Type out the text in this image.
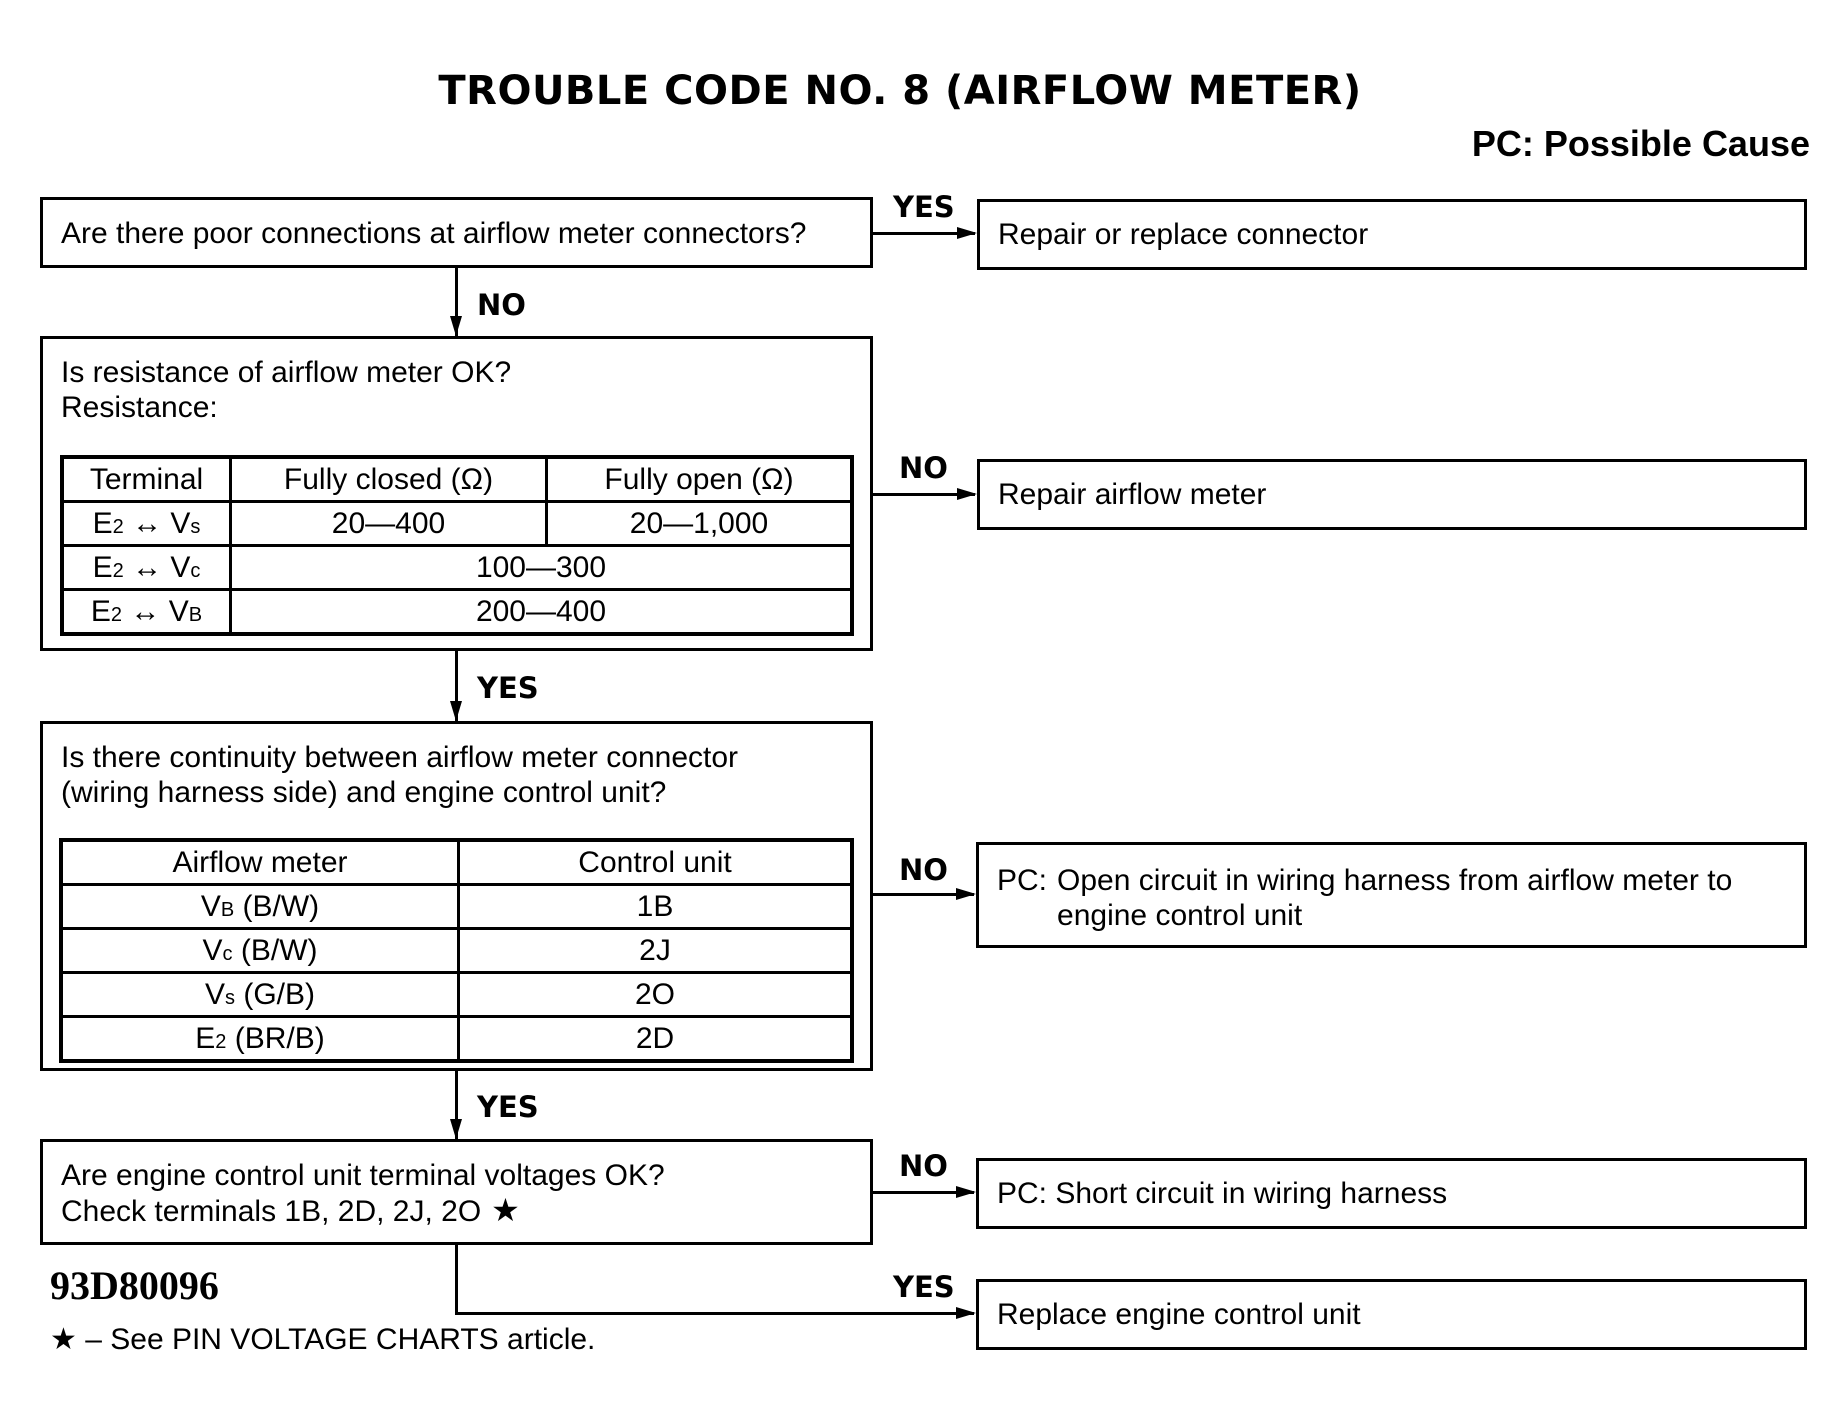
TROUBLE CODE NO. 8 (AIRFLOW METER)
PC: Possible Cause
Are there poor connections at airflow meter connectors?
YES
Repair or replace connector
NO
Is resistance of airflow meter OK?
Resistance:
Terminal	Fully closed (Ω)	Fully open (Ω)
E2 ↔ Vs	20—400	20—1,000
E2 ↔ Vc	100—300	
E2 ↔ VB	200—400	
NO
Repair airflow meter
YES
Is there continuity between airflow meter connector
(wiring harness side) and engine control unit?
Airflow meter	Control unit
VB (B/W)	1B
Vc (B/W)	2J
Vs (G/B)	2O
E2 (BR/B)	2D
NO PC: Open circuit in wiring harness from airflow meter to
engine control unit
YES
Are engine control unit terminal voltages OK?
Check terminals 1B, 2D, 2J, 2O ★
NO
PC: Short circuit in wiring harness
YES
Replace engine control unit
93D80096
★ – See PIN VOLTAGE CHARTS article.
